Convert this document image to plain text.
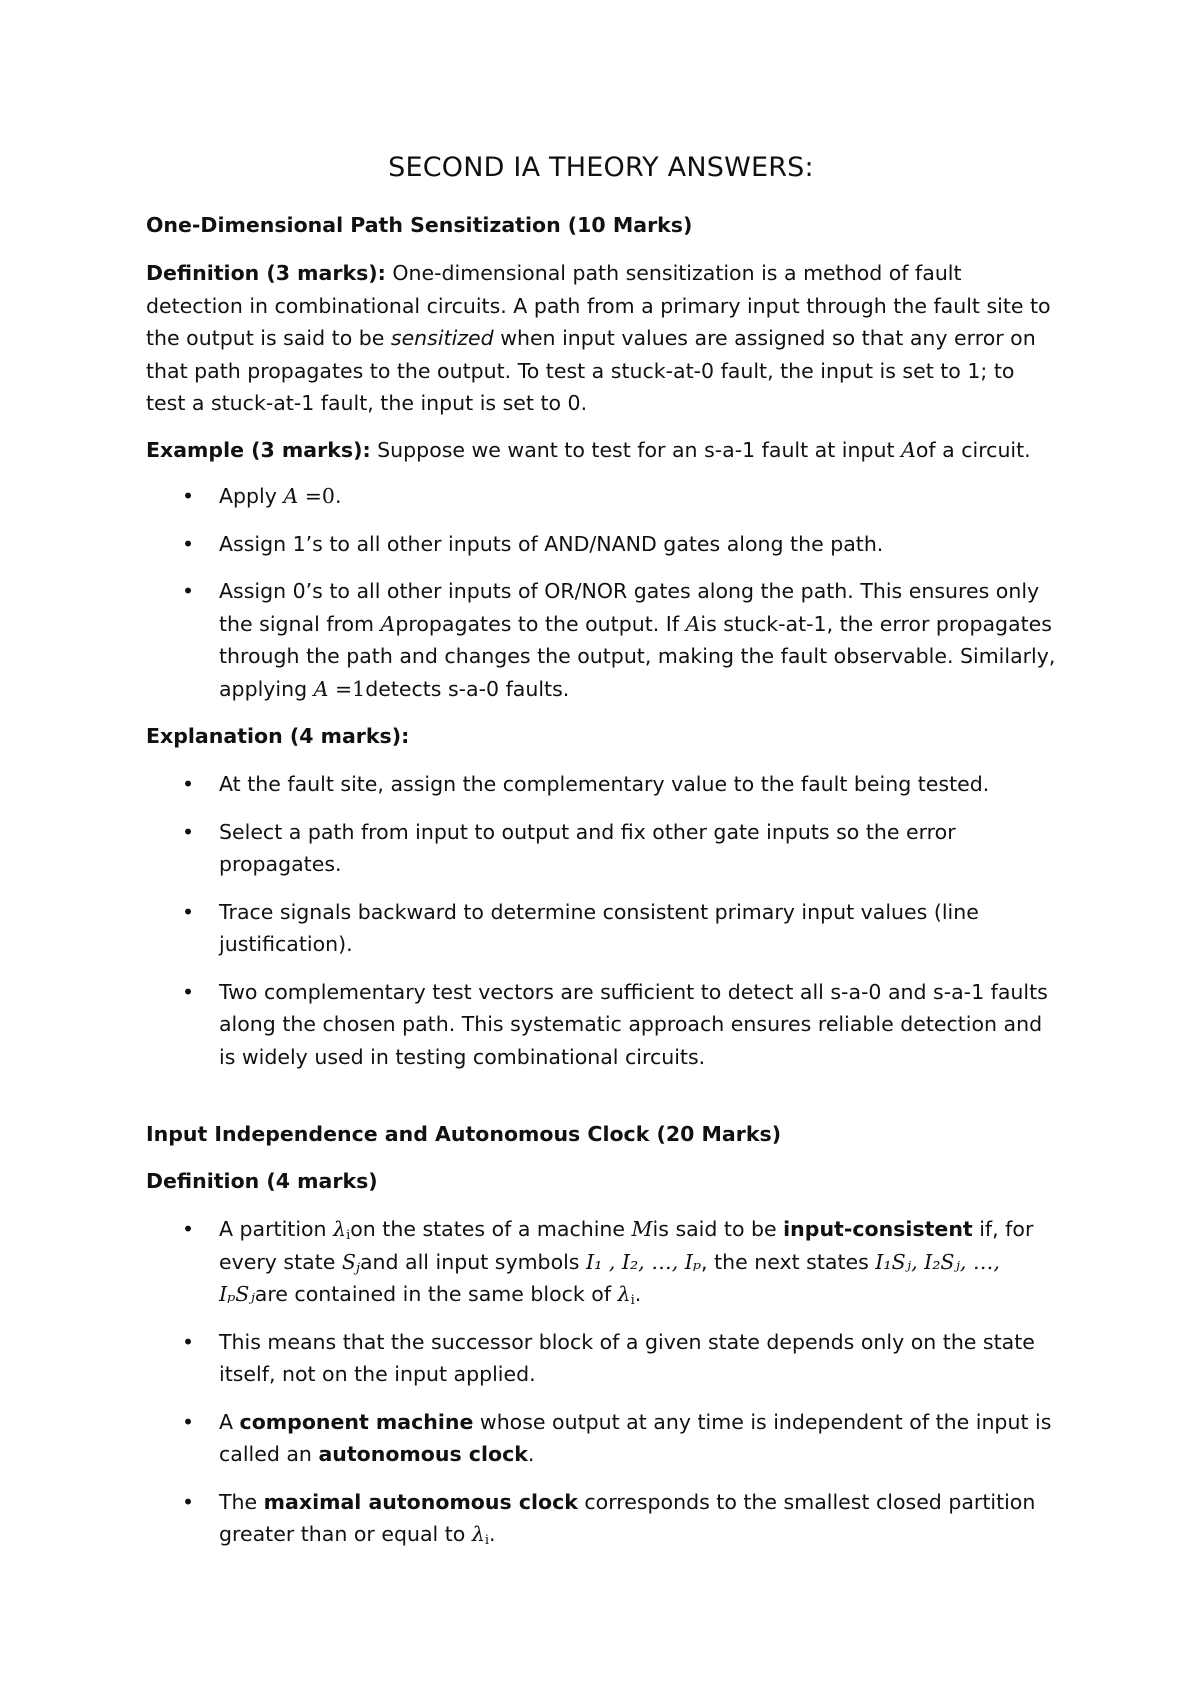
SECOND IA THEORY ANSWERS:
One-Dimensional Path Sensitization (10 Marks)

Definition (3 marks): One-dimensional path sensitization is a method of fault detection in combinational circuits. A path from a primary input through the fault site to the output is said to be sensitized when input values are assigned so that any error on that path propagates to the output. To test a stuck-at-0 fault, the input is set to 1; to test a stuck-at-1 fault, the input is set to 0.

Example (3 marks): Suppose we want to test for an s-a-1 fault at input Aof a circuit.

• Apply A =0.
• Assign 1’s to all other inputs of AND/NAND gates along the path.
• Assign 0’s to all other inputs of OR/NOR gates along the path. This ensures only the signal from Apropagates to the output. If Ais stuck-at-1, the error propagates through the path and changes the output, making the fault observable. Similarly, applying A =1detects s-a-0 faults.
Explanation (4 marks):
• At the fault site, assign the complementary value to the fault being tested.
• Select a path from input to output and fix other gate inputs so the error propagates.
• Trace signals backward to determine consistent primary input values (line justification).
• Two complementary test vectors are sufficient to detect all s-a-0 and s-a-1 faults along the chosen path. This systematic approach ensures reliable detection and is widely used in testing combinational circuits.
Input Independence and Autonomous Clock (20 Marks)
Definition (4 marks)
• A partition $\lambda_ion$ the states of a machine Mis said to be input-consistent if, for every state $S_jand$ all input symbols I₁ , I₂, …, Iₚ, the next states I₁Sⱼ, I₂Sⱼ, …, IₚSⱼare contained in the same block of $\lambda_i$.
• This means that the successor block of a given state depends only on the state itself, not on the input applied.
• A component machine whose output at any time is independent of the input is called an autonomous clock.
• The maximal autonomous clock corresponds to the smallest closed partition greater than or equal to $\lambda_i$.
